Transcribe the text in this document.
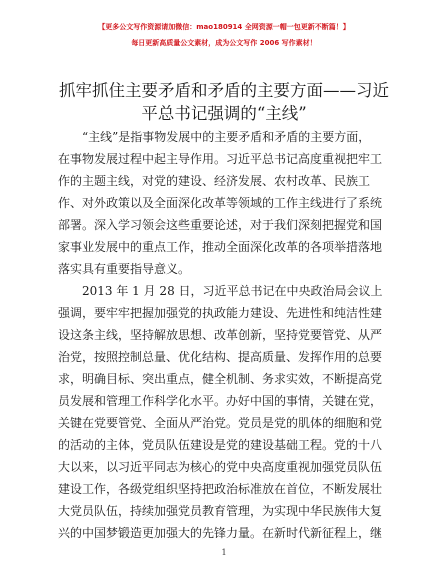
【更多公文写作资源请加微信：mao180914 全网资源一帽一包更新不断篇！】
每日更新高质量公文素材，成为公文写作 2006 写作素材！
抓牢抓住主要矛盾和矛盾的主要方面——习近
平总书记强调的“主线”
“主线”是指事物发展中的主要矛盾和矛盾的主要方面，
在事物发展过程中起主导作用。习近平总书记高度重视把牢工
作的主题主线，对党的建设、经济发展、农村改革、民族工
作、对外政策以及全面深化改革等领域的工作主线进行了系统
部署。深入学习领会这些重要论述，对于我们深刻把握党和国
家事业发展中的重点工作，推动全面深化改革的各项举措落地
落实具有重要指导意义。
2013 年 1 月 28 日，习近平总书记在中央政治局会议上
强调，要牢牢把握加强党的执政能力建设、先进性和纯洁性建
设这条主线，坚持解放思想、改革创新，坚持党要管党、从严
治党，按照控制总量、优化结构、提高质量、发挥作用的总要
求，明确目标、突出重点，健全机制、务求实效，不断提高党
员发展和管理工作科学化水平。办好中国的事情，关键在党，
关键在党要管党、全面从严治党。党员是党的肌体的细胞和党
的活动的主体，党员队伍建设是党的建设基础工程。党的十八
大以来，以习近平同志为核心的党中央高度重视加强党员队伍
建设工作，各级党组织坚持把政治标准放在首位，不断发展壮
大党员队伍，持续加强党员教育管理，为实现中华民族伟大复
兴的中国梦锻造更加强大的先锋力量。在新时代新征程上，继
1
